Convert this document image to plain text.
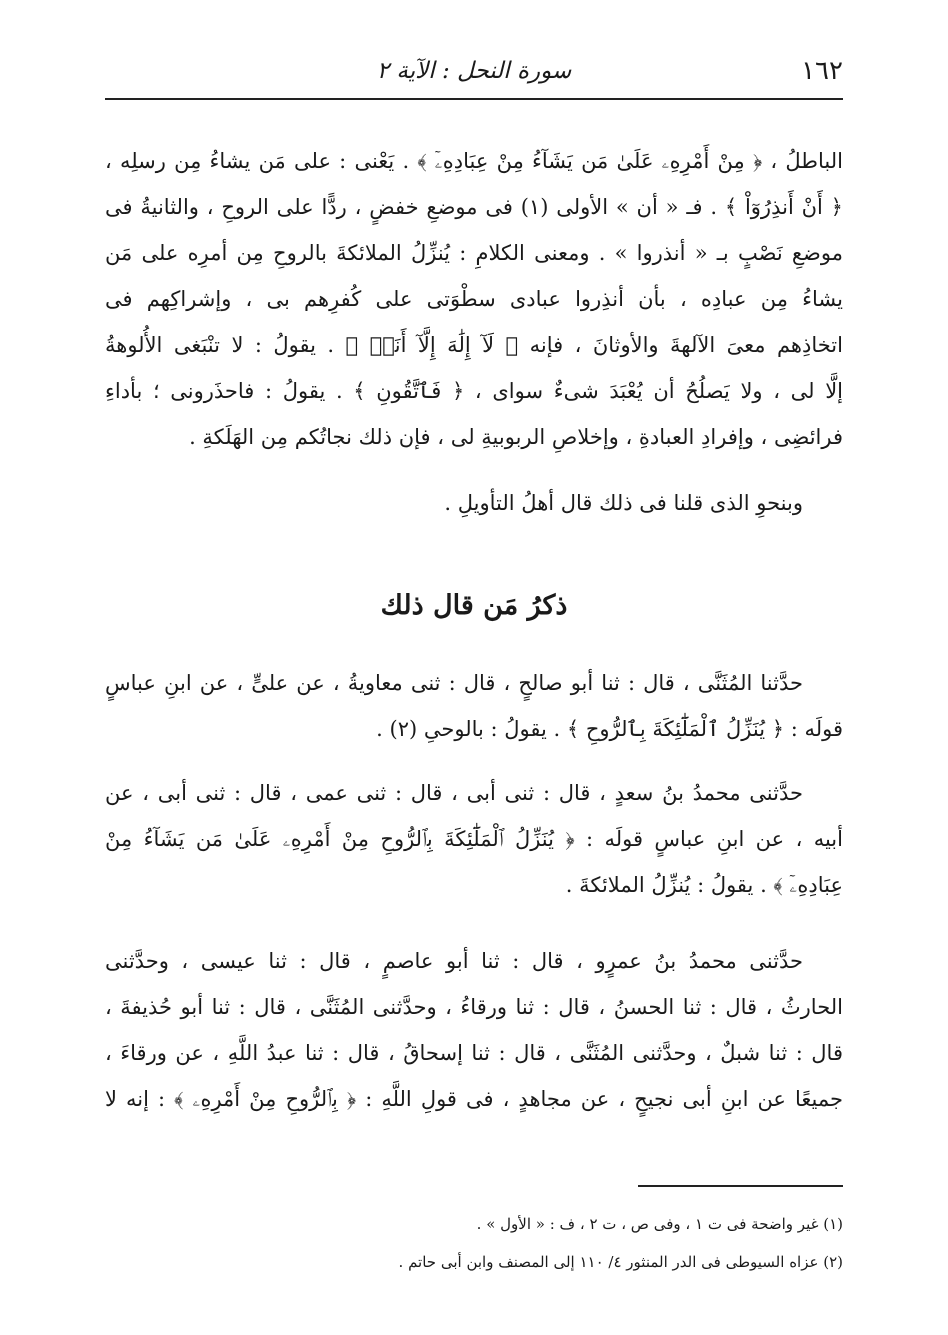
١٦٢
سورة النحل : الآية ٢
الباطلُ ، ﴿ مِنْ أَمْرِهِۦ عَلَىٰ مَن يَشَآءُ مِنْ عِبَادِهِۦٓ ﴾ . يَعْنى : على مَن يشاءُ مِن رسلِه ،
﴿ أَنْ أَنذِرُوٓاْ ﴾ . فـ « أن » الأولى (١) فى موضعِ خفضٍ ، ردًّا على الروحِ ، والثانيةُ فى
موضعِ نَصْبٍ بـ « أنذروا » . ومعنى الكلامِ : يُنزِّلُ الملائكةَ بالروحِ مِن أمرِه على مَن
يشاءُ مِن عبادِه ، بأن أنذِروا عبادى سطْوَتى على كُفرِهم بى ، وإشراكِهم فى
اتخاذِهم معىَ الآلهةَ والأوثانَ ، فإنه ﴿ لَآ إِلَٰهَ إِلَّآ أَنَا۠ ﴾ . يقولُ : لا تنْبَغى الأُلوهةُ
إلَّا لى ، ولا يَصلُحُ أن يُعْبَدَ شىءٌ سواى ، ﴿ فَٱتَّقُونِ ﴾ . يقولُ : فاحذَرونى ؛ بأداءِ
فرائضِى ، وإفرادِ العبادةِ ، وإخلاصِ الربوبيةِ لى ، فإن ذلك نجاتُكم مِن الهَلَكةِ .
وبنحوِ الذى قلنا فى ذلك قال أهلُ التأويلِ .
ذكرُ مَن قال ذلك
حدَّثنا المُثَنَّى ، قال : ثنا أبو صالحٍ ، قال : ثنى معاويةُ ، عن علىٍّ ، عن ابنِ عباسٍ
قولَه : ﴿ يُنَزِّلُ ٱلْمَلَٰٓئِكَةَ بِٱلرُّوحِ ﴾ . يقولُ : بالوحىِ (٢) .
حدَّثنى محمدُ بنُ سعدٍ ، قال : ثنى أبى ، قال : ثنى عمى ، قال : ثنى أبى ، عن
أبيه ، عن ابنِ عباسٍ قولَه : ﴿ يُنَزِّلُ ٱلْمَلَٰٓئِكَةَ بِٱلرُّوحِ مِنْ أَمْرِهِۦ عَلَىٰ مَن يَشَآءُ مِنْ
عِبَادِهِۦٓ ﴾ . يقولُ : يُنزِّلُ الملائكةَ .
حدَّثنى محمدُ بنُ عمرٍو ، قال : ثنا أبو عاصمٍ ، قال : ثنا عيسى ، وحدَّثنى
الحارثُ ، قال : ثنا الحسنُ ، قال : ثنا ورقاءُ ، وحدَّثنى المُثَنَّى ، قال : ثنا أبو حُذيفةَ ،
قال : ثنا شبلٌ ، وحدَّثنى المُثَنَّى ، قال : ثنا إسحاقُ ، قال : ثنا عبدُ اللَّهِ ، عن ورقاءَ ،
جميعًا عن ابنِ أبى نجيحٍ ، عن مجاهدٍ ، فى قولِ اللَّهِ : ﴿ بِٱلرُّوحِ مِنْ أَمْرِهِۦ ﴾ : إنه لا
(١) غير واضحة فى ت ١ ، وفى ص ، ت ٢ ، ف : « الأول » .
(٢) عزاه السيوطى فى الدر المنثور ٤/ ١١٠ إلى المصنف وابن أبى حاتم .
